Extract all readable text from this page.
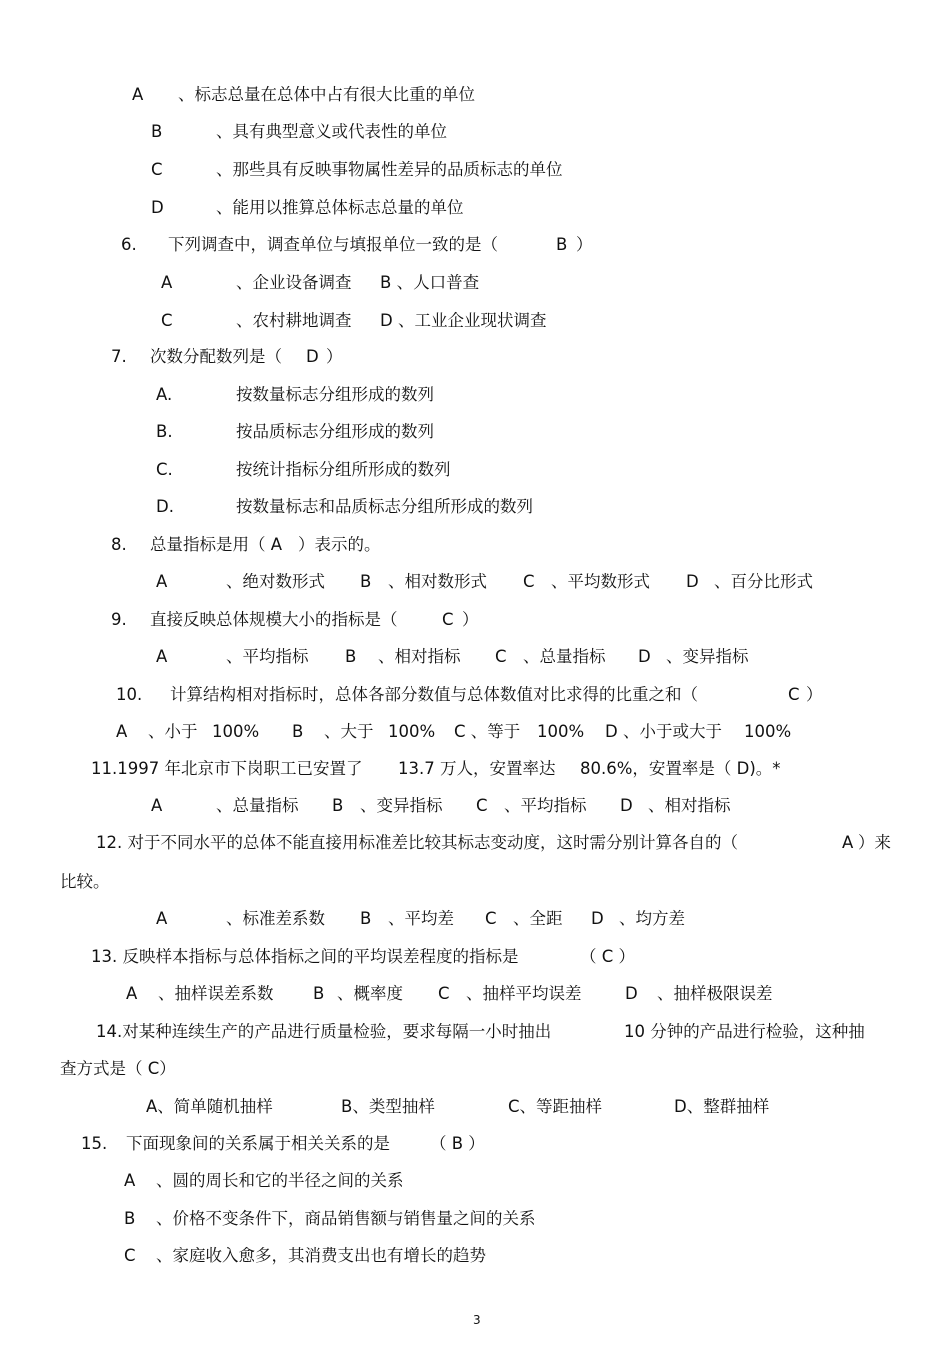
A 、标志总量在总体中占有很大比重的单位
B	、具有典型意义或代表性的单位
C	、那些具有反映事物属性差异的品质标志的单位
D	、能用以推算总体标志总量的单位
6. 下列调查中，调查单位与填报单位一致的是（	B ）
A	、企业设备调查 B 、人口普查
C	、农村耕地调查 D 、工业企业现状调查
7. 次数分配数列是（ D ）
A.	按数量标志分组形成的数列
B.	按品质标志分组形成的数列
C.	按统计指标分组所形成的数列
D.	按数量标志和品质标志分组所形成的数列
8. 总量指标是用（ A ）表示的。
A	、绝对数形式 B 、相对数形式 C 、平均数形式 D 、百分比形式
9. 直接反映总体规模大小的指标是（	C ）
A	、平均指标 B 、相对指标 C 、总量指标 D 、变异指标
10. 计算结构相对指标时，总体各部分数值与总体数值对比求得的比重之和（	C ）
A 、小于 100% B 、大于 100% C 、等于 100% D 、小于或大于 100%
11.1997 年北京市下岗职工已安置了 13.7 万人，安置率达 80.6%，安置率是（ D)。*
A	、总量指标 B 、变异指标 C 、平均指标 D 、相对指标
12. 对于不同水平的总体不能直接用标准差比较其标志变动度，这时需分别计算各自的（	A ）来
比较。
A	、标准差系数 B 、平均差 C 、全距 D 、均方差
13. 反映样本指标与总体指标之间的平均误差程度的指标是	（ C ）
A 、抽样误差系数 B 、概率度 C 、抽样平均误差	D 、抽样极限误差
14.对某种连续生产的产品进行质量检验，要求每隔一小时抽出	10 分钟的产品进行检验，这种抽
查方式是（ C）
A、简单随机抽样	B、类型抽样	C、等距抽样	D、整群抽样
15. 下面现象间的关系属于相关关系的是 （ B ）
A 、圆的周长和它的半径之间的关系
B 、价格不变条件下，商品销售额与销售量之间的关系
C 、家庭收入愈多，其消费支出也有增长的趋势
3
